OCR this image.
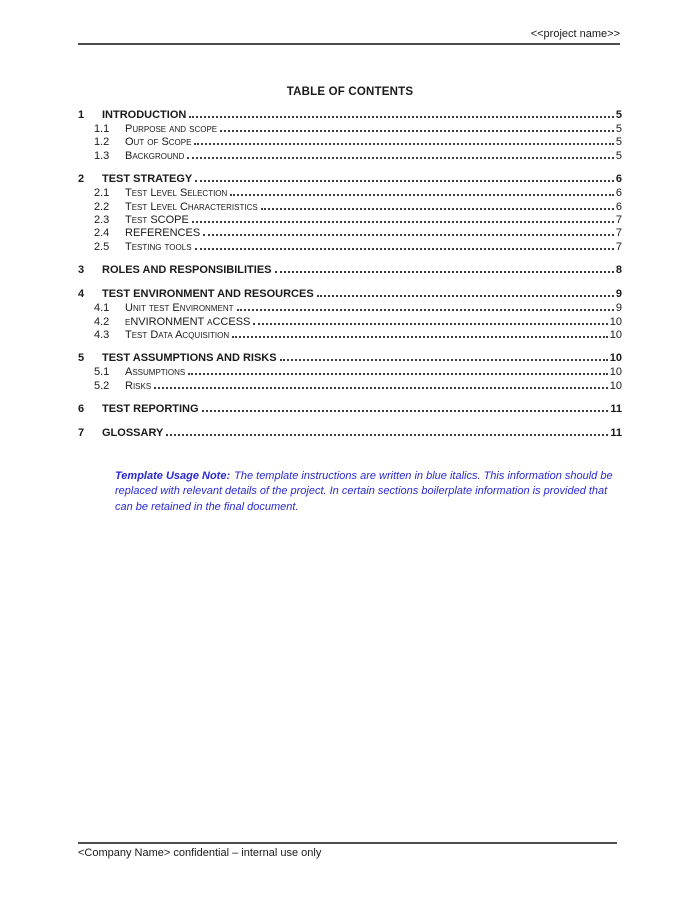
<<project name>>
TABLE OF CONTENTS
1	INTRODUCTION	5
1.1	Purpose and scope	5
1.2	Out of Scope	5
1.3	Background	5
2	TEST STRATEGY	6
2.1	Test Level Selection	6
2.2	Test Level Characteristics	6
2.3	Test SCOPE	7
2.4	REFERENCES	7
2.5	Testing tools	7
3	ROLES AND RESPONSIBILITIES	8
4	TEST ENVIRONMENT AND RESOURCES	9
4.1	Unit test Environment	9
4.2	eNVIRONMENT aCCESS	10
4.3	Test Data Acquisition	10
5	TEST ASSUMPTIONS AND RISKS	10
5.1	Assumptions	10
5.2	Risks	10
6	TEST REPORTING	11
7	GLOSSARY	11
Template Usage Note: The template instructions are written in blue italics. This information should be replaced with relevant details of the project. In certain sections boilerplate information is provided that can be retained in the final document.
<Company Name> confidential – internal use only
